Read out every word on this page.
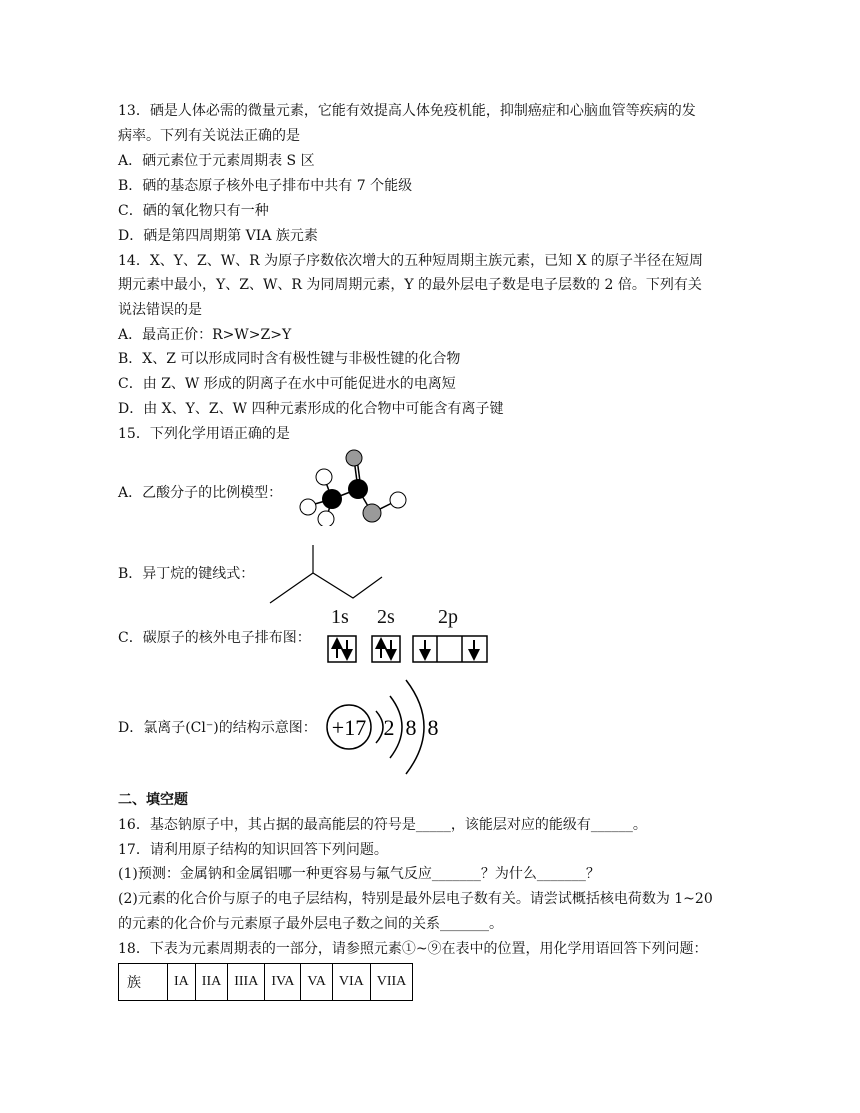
13．硒是人体必需的微量元素，它能有效提高人体免疫机能，抑制癌症和心脑血管等疾病的发
病率。下列有关说法正确的是
A．硒元素位于元素周期表 S 区
B．硒的基态原子核外电子排布中共有 7 个能级
C．硒的氧化物只有一种
D．硒是第四周期第 VIA 族元素
14．X、Y、Z、W、R 为原子序数依次增大的五种短周期主族元素，已知 X 的原子半径在短周
期元素中最小，Y、Z、W、R 为同周期元素，Y 的最外层电子数是电子层数的 2 倍。下列有关
说法错误的是
A．最高正价：R>W>Z>Y
B．X、Z 可以形成同时含有极性键与非极性键的化合物
C．由 Z、W 形成的阴离子在水中可能促进水的电离短
D．由 X、Y、Z、W 四种元素形成的化合物中可能含有离子键
15．下列化学用语正确的是
A．乙酸分子的比例模型：
B．异丁烷的键线式：
C．碳原子的核外电子排布图：
1s 2s 2p
D．氯离子(Cl⁻)的结构示意图： +17 2 8 8
二、填空题
16．基态钠原子中，其占据的最高能层的符号是_____，该能层对应的能级有______。
17．请利用原子结构的知识回答下列问题。
(1)预测：金属钠和金属铝哪一种更容易与氟气反应_______？为什么_______？
(2)元素的化合价与原子的电子层结构，特别是最外层电子数有关。请尝试概括核电荷数为 1~20
的元素的化合价与元素原子最外层电子数之间的关系_______。
18．下表为元素周期表的一部分，请参照元素①~⑨在表中的位置，用化学用语回答下列问题：
族	IA	IIA	IIIA	IVA	VA	VIA	VIIA
